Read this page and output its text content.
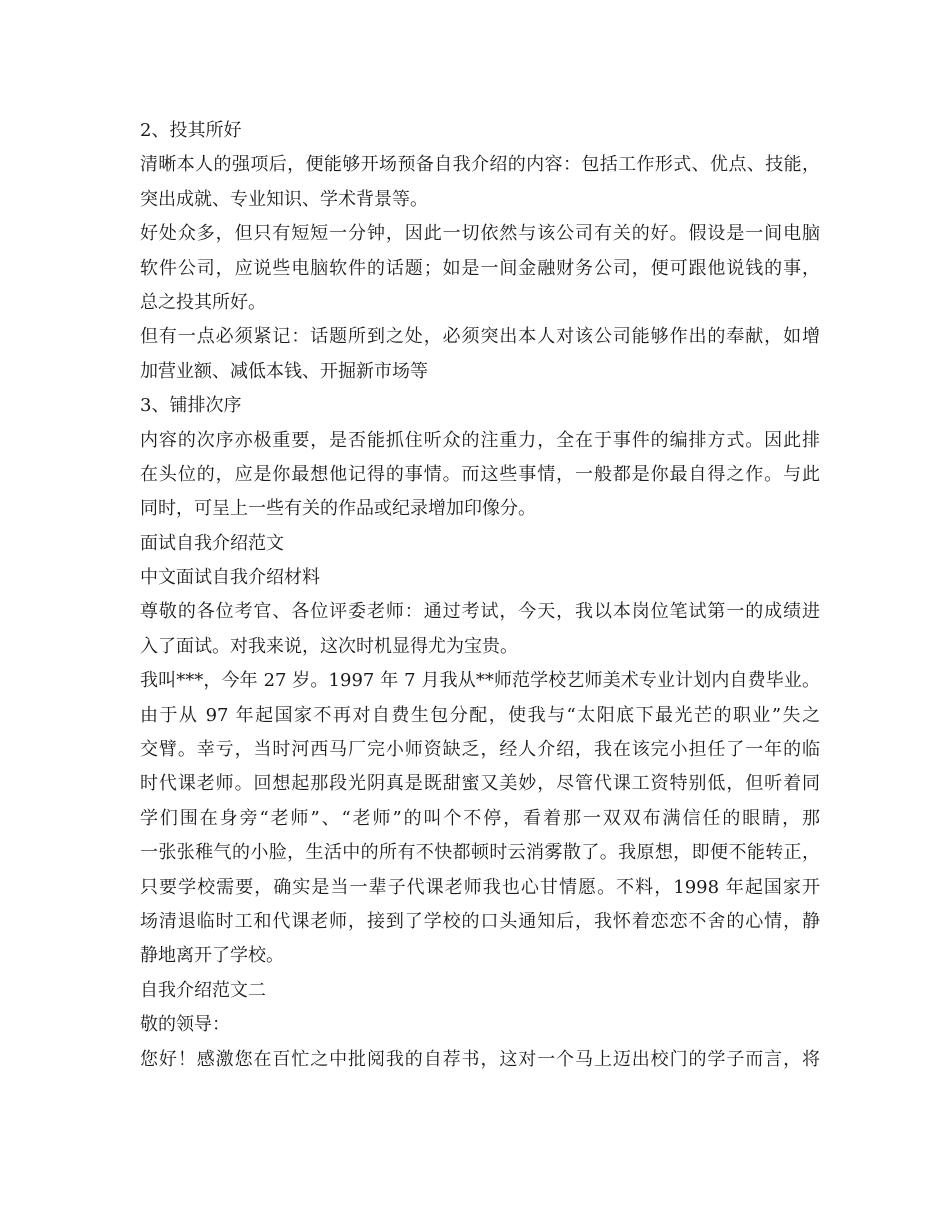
2、投其所好
清晰本人的强项后，便能够开场预备自我介绍的内容：包括工作形式、优点、技能，
突出成就、专业知识、学术背景等。
好处众多，但只有短短一分钟，因此一切依然与该公司有关的好。假设是一间电脑
软件公司，应说些电脑软件的话题；如是一间金融财务公司，便可跟他说钱的事，
总之投其所好。
但有一点必须紧记：话题所到之处，必须突出本人对该公司能够作出的奉献，如增
加营业额、减低本钱、开掘新市场等
3、铺排次序
内容的次序亦极重要，是否能抓住听众的注重力，全在于事件的编排方式。因此排
在头位的，应是你最想他记得的事情。而这些事情，一般都是你最自得之作。与此
同时，可呈上一些有关的作品或纪录增加印像分。
面试自我介绍范文
中文面试自我介绍材料
尊敬的各位考官、各位评委老师：通过考试，今天，我以本岗位笔试第一的成绩进
入了面试。对我来说，这次时机显得尤为宝贵。
我叫***，今年 27 岁。1997 年 7 月我从**师范学校艺师美术专业计划内自费毕业。
由于从 97 年起国家不再对自费生包分配，使我与“太阳底下最光芒的职业”失之
交臂。幸亏，当时河西马厂完小师资缺乏，经人介绍，我在该完小担任了一年的临
时代课老师。回想起那段光阴真是既甜蜜又美妙，尽管代课工资特别低，但听着同
学们围在身旁“老师”、“老师”的叫个不停，看着那一双双布满信任的眼睛，那
一张张稚气的小脸，生活中的所有不快都顿时云消雾散了。我原想，即便不能转正，
只要学校需要，确实是当一辈子代课老师我也心甘情愿。不料，1998 年起国家开
场清退临时工和代课老师，接到了学校的口头通知后，我怀着恋恋不舍的心情，静
静地离开了学校。
自我介绍范文二
敬的领导：
您好！感激您在百忙之中批阅我的自荐书，这对一个马上迈出校门的学子而言，将
